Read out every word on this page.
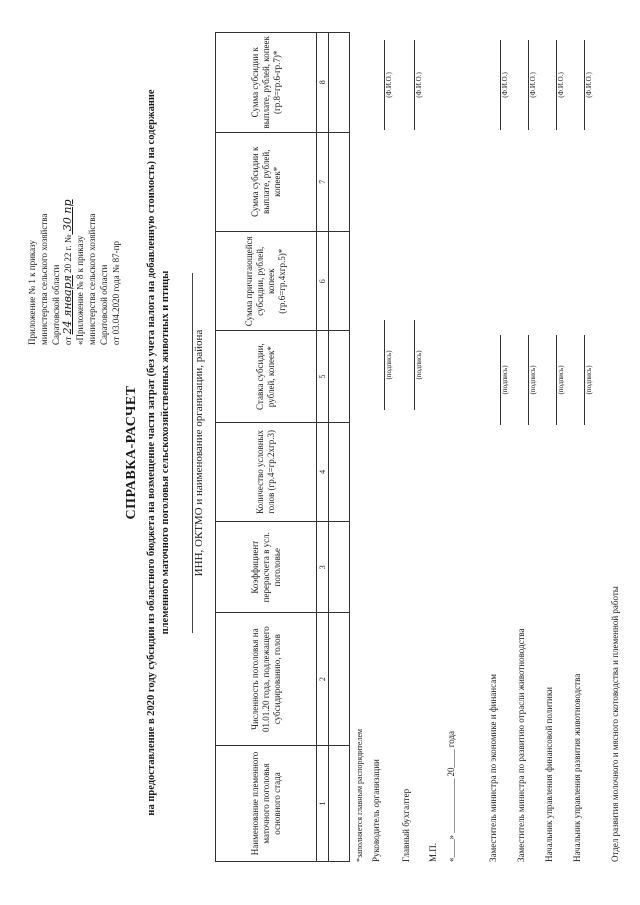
Приложение № 1 к приказу министерства сельского хозяйства Саратовской области от 24 января 20 22 г. № 30 пр
«Приложение № 8 к приказу министерства сельского хозяйства Саратовской области от 03.04.2020 года № 87-пр
СПРАВКА-РАСЧЕТ на предоставление в 2020 году субсидии из областного бюджета на возмещение части затрат (без учета налога на добавленную стоимость) на содержание племенного маточного поголовья сельскохозяйственных животных и птицы ИНН, ОКТМО и наименование организации, района
Наименование племенного маточного поголовья основного стада	Численность поголовья на 01.01.20 года, подлежащего субсидированию, голов	Коэффициент перерасчета в усл. поголовье	Количество условных голов (гр.4=гр.2хгр.3)	Ставка субсидии, рублей, копеек*	Сумма причитающейся субсидии, рублей, копеек (гр.6=гр.4хгр.5)*	Сумма субсидии к выплате, рублей, копеек*	Сумма субсидии к выплате, рублей, копеек (гр.8=гр.6-гр.7)*
1	2	3	4	5	6	7	8

*заполняется главным распорядителем Руководитель организации
(подпись)
(Ф.И.О.)
Главный бухгалтер
(подпись)
(Ф.И.О.)
М.П. «____» ____________ 20____ года	Заместитель министра по экономике и финансам
(подпись)
(Ф.И.О.)
Заместитель министра по развитию отрасли животноводства
(подпись)
(Ф.И.О.)
Начальник управления финансовой политики
(подпись)
(Ф.И.О.)
Начальник управления развития животноводства
(подпись)
(Ф.И.О.)
Отдел развития молочного и мясного скотоводства и племенной работы
